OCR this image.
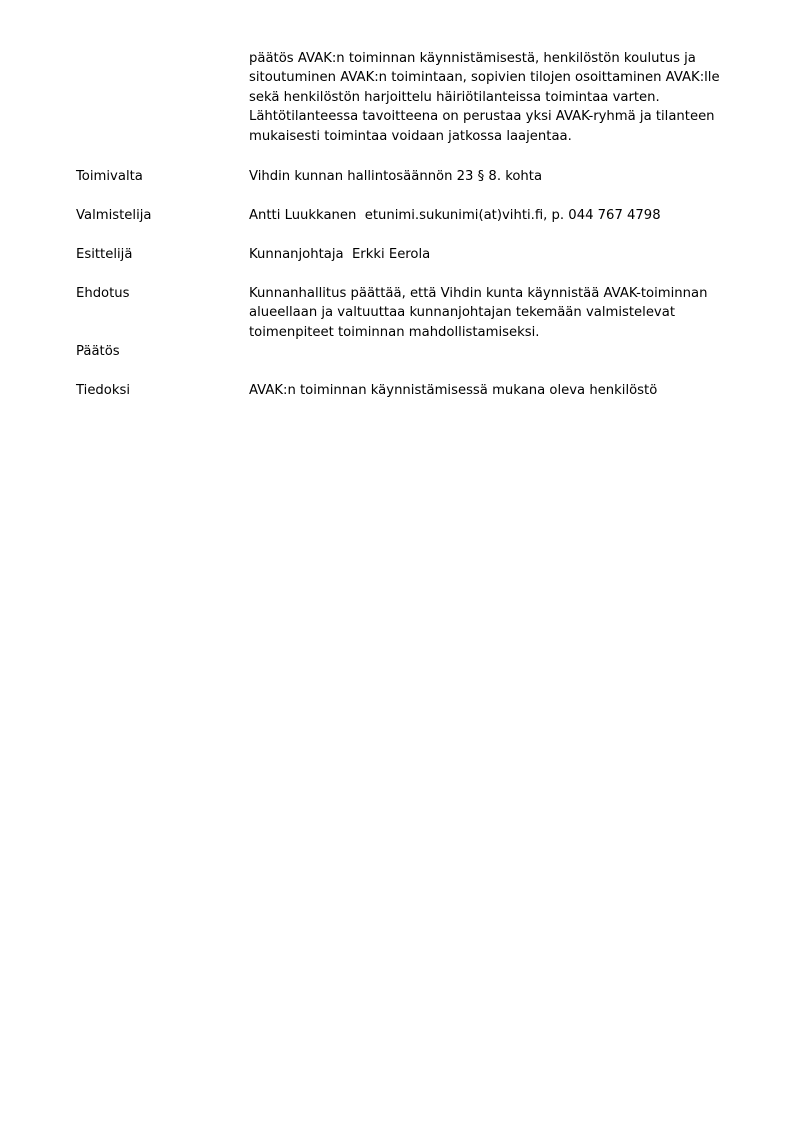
päätös AVAK:n toiminnan käynnistämisestä, henkilöstön koulutus ja
sitoutuminen AVAK:n toimintaan, sopivien tilojen osoittaminen AVAK:lle
sekä henkilöstön harjoittelu häiriötilanteissa toimintaa varten.
Lähtötilanteessa tavoitteena on perustaa yksi AVAK-ryhmä ja tilanteen
mukaisesti toimintaa voidaan jatkossa laajentaa.
Toimivalta	Vihdin kunnan hallintosäännön 23 § 8. kohta
Valmistelija	Antti Luukkanen  etunimi.sukunimi(at)vihti.fi, p. 044 767 4798
Esittelijä	Kunnanjohtaja  Erkki Eerola
Ehdotus	Kunnanhallitus päättää, että Vihdin kunta käynnistää AVAK-toiminnan
alueellaan ja valtuuttaa kunnanjohtajan tekemään valmistelevat
toimenpiteet toiminnan mahdollistamiseksi.
Päätös
Tiedoksi	AVAK:n toiminnan käynnistämisessä mukana oleva henkilöstö
